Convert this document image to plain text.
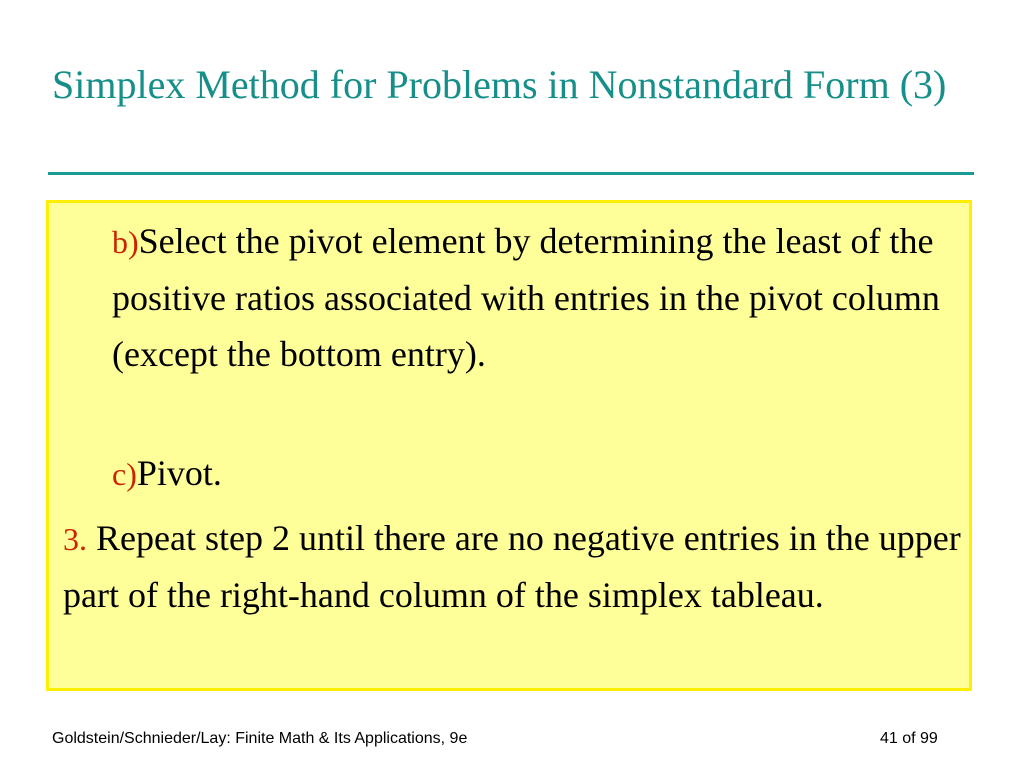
Simplex Method for Problems in Nonstandard Form (3)
b)Select the pivot element by determining the least of the positive ratios associated with entries in the pivot column (except the bottom entry).
c)Pivot.
3. Repeat step 2 until there are no negative entries in the upper part of the right-hand column of the simplex tableau.
Goldstein/Schnieder/Lay: Finite Math & Its Applications, 9e	41 of 99
